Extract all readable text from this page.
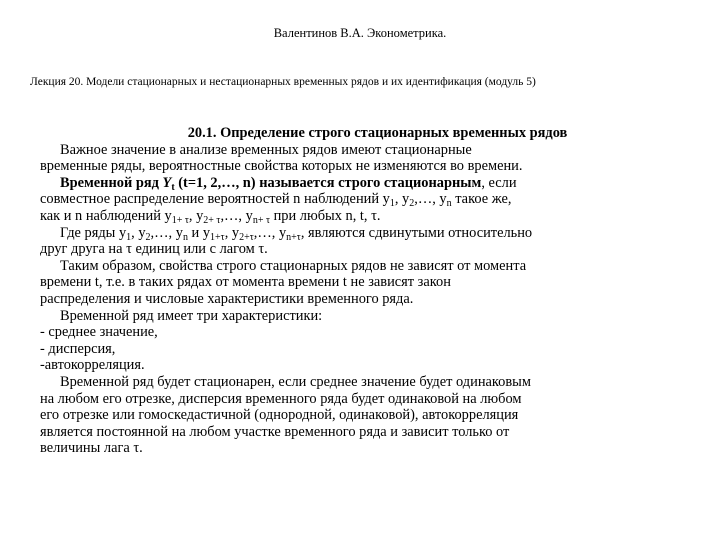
Валентинов В.А. Эконометрика.
Лекция 20. Модели стационарных и нестационарных временных рядов и их идентификация (модуль 5)
20.1. Определение строго стационарных временных рядов
Важное значение в анализе временных рядов имеют стационарные
временные ряды, вероятностные свойства которых не изменяются во времени.
Временной ряд $Y_t$ (t=1, 2,…, n) называется строго стационарным, если
совместное распределение вероятностей n наблюдений $y_1$, $y_2,\dots$, $y_n$ такое же,
как и n наблюдений $y_{1+ \tau}$, $y_{2+ \tau},\dots$, $y_{n+ \tau}$ при любых n, t, τ.
Где ряды $y_1$, $y_2,\dots$, $y_n$ и $y_{1+\tau}$, $y_{2+\tau},\dots$, $y_{n+\tau}$, являются сдвинутыми относительно
друг друга на τ единиц или с лагом τ.
Таким образом, свойства строго стационарных рядов не зависят от момента
времени t, т.е. в таких рядах от момента времени t не зависят закон
распределения и числовые характеристики временного ряда.
Временной ряд имеет три характеристики:
- среднее значение,
- дисперсия,
-автокорреляция.
Временной ряд будет стационарен, если среднее значение будет одинаковым
на любом его отрезке, дисперсия временного ряда будет одинаковой на любом
его отрезке или гомоскедастичной (однородной, одинаковой), автокорреляция
является постоянной на любом участке временного ряда и зависит только от
величины лага τ.
